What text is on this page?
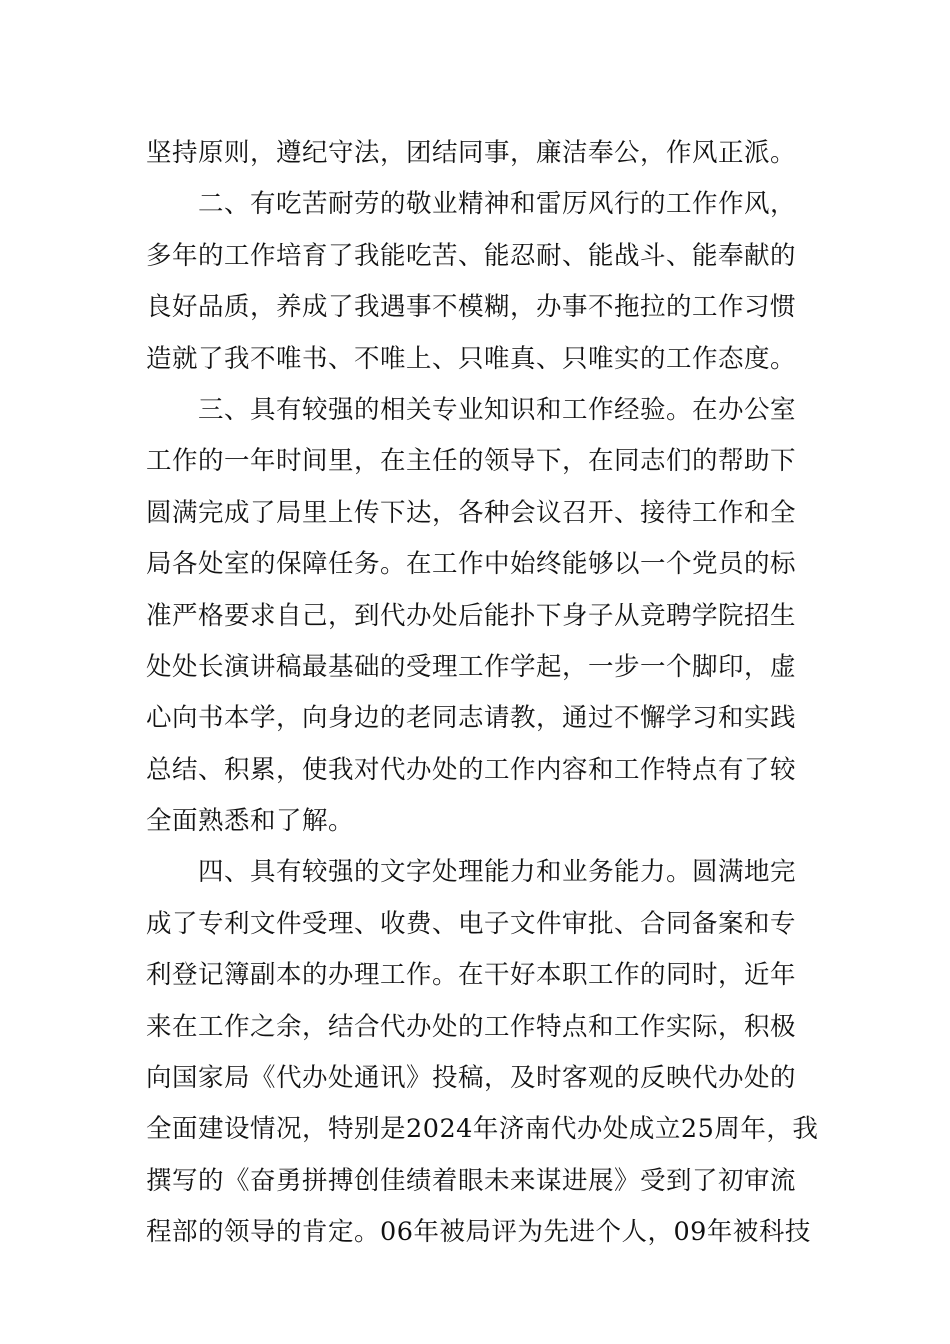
坚持原则，遵纪守法，团结同事，廉洁奉公，作风正派。
二、有吃苦耐劳的敬业精神和雷厉风行的工作作风，
多年的工作培育了我能吃苦、能忍耐、能战斗、能奉献的
良好品质，养成了我遇事不模糊，办事不拖拉的工作习惯
造就了我不唯书、不唯上、只唯真、只唯实的工作态度。
三、具有较强的相关专业知识和工作经验。在办公室
工作的一年时间里，在主任的领导下，在同志们的帮助下
圆满完成了局里上传下达，各种会议召开、接待工作和全
局各处室的保障任务。在工作中始终能够以一个党员的标
准严格要求自己，到代办处后能扑下身子从竞聘学院招生
处处长演讲稿最基础的受理工作学起，一步一个脚印，虚
心向书本学，向身边的老同志请教，通过不懈学习和实践
总结、积累，使我对代办处的工作内容和工作特点有了较
全面熟悉和了解。
四、具有较强的文字处理能力和业务能力。圆满地完
成了专利文件受理、收费、电子文件审批、合同备案和专
利登记簿副本的办理工作。在干好本职工作的同时，近年
来在工作之余，结合代办处的工作特点和工作实际，积极
向国家局《代办处通讯》投稿，及时客观的反映代办处的
全面建设情况，特别是2024年济南代办处成立25周年，我
撰写的《奋勇拼搏创佳绩着眼未来谋进展》受到了初审流
程部的领导的肯定。06年被局评为先进个人，09年被科技
